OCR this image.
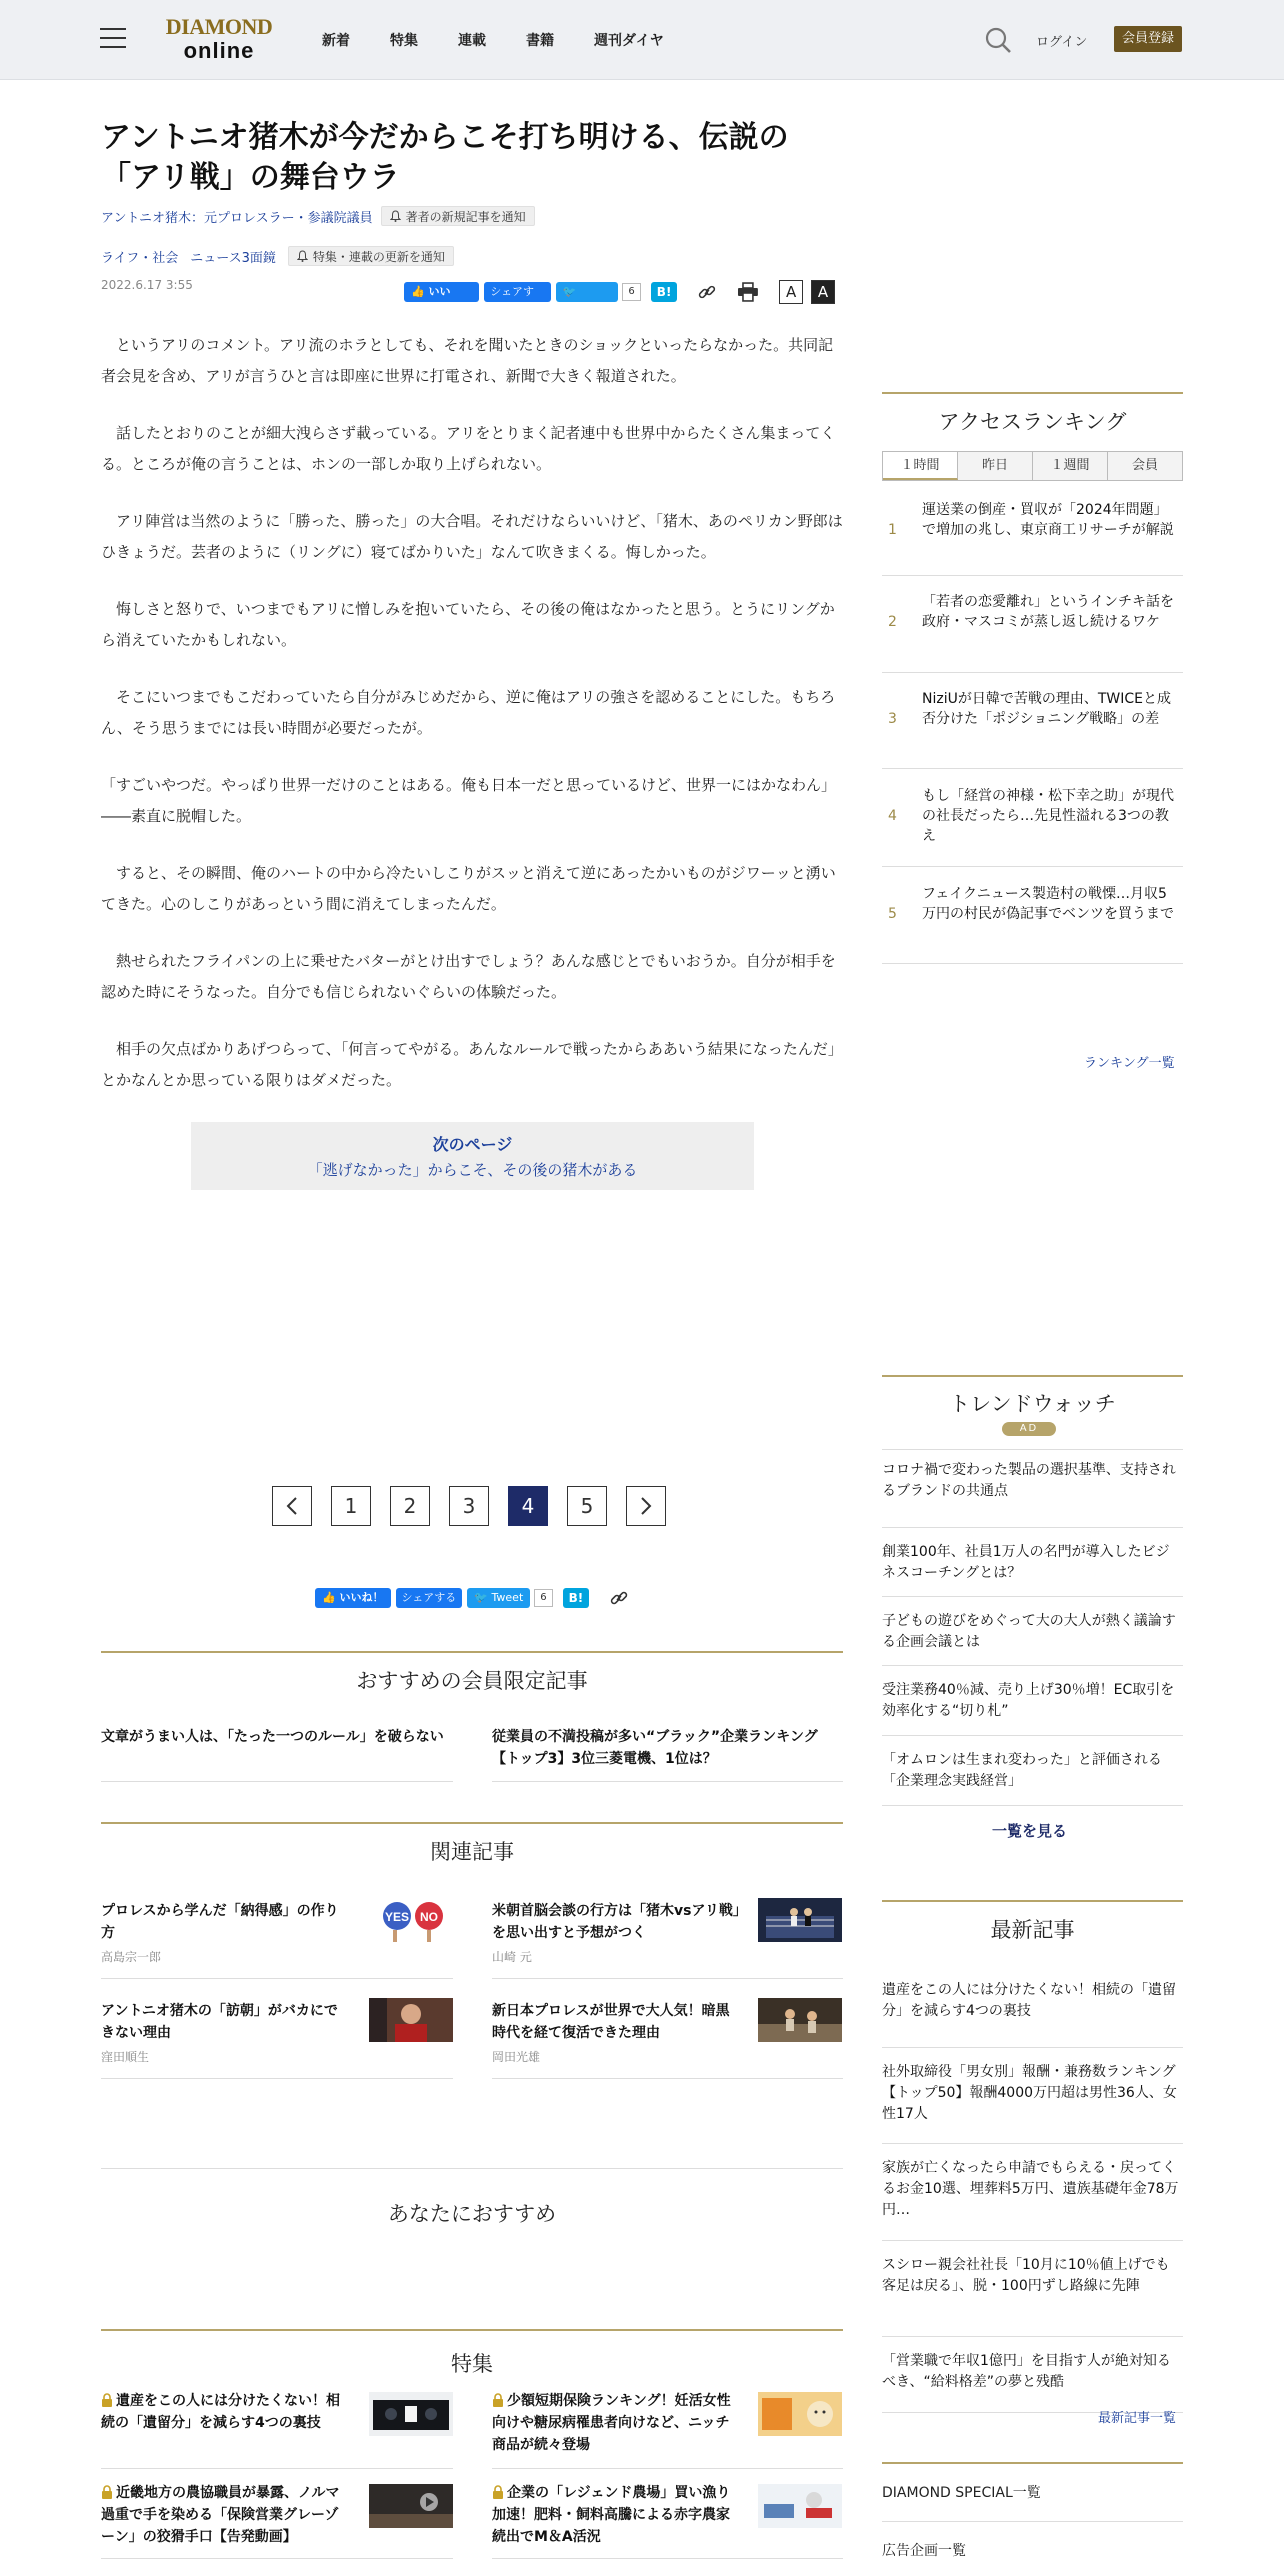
DIAMOND
online	新着	特集	連載	書籍	週刊ダイヤ	ログイン	会員登録
アントニオ猪木が今だからこそ打ち明ける、伝説の「アリ戦」の舞台ウラ
アントニオ猪木：元プロレスラー・参議院議員	著者の新規記事を通知
ライフ・社会 ニュース3面鏡	特集・連載の更新を通知
2022.6.17 3:55	👍 いいね！
シェアする
🐦 Tweet
6	B!	A	A

　というアリのコメント。アリ流のホラとしても、それを聞いたときのショックといったらなかった。共同記者会見を含め、アリが言うひと言は即座に世界に打電され、新聞で大きく報道された。

　話したとおりのことが細大洩らさず載っている。アリをとりまく記者連中も世界中からたくさん集まってくる。ところが俺の言うことは、ホンの一部しか取り上げられない。

　アリ陣営は当然のように「勝った、勝った」の大合唱。それだけならいいけど、「猪木、あのペリカン野郎はひきょうだ。芸者のように（リングに）寝てばかりいた」なんて吹きまくる。悔しかった。

　悔しさと怒りで、いつまでもアリに憎しみを抱いていたら、その後の俺はなかったと思う。とうにリングから消えていたかもしれない。

　そこにいつまでもこだわっていたら自分がみじめだから、逆に俺はアリの強さを認めることにした。もちろん、そう思うまでには長い時間が必要だったが。

「すごいやつだ。やっぱり世界一だけのことはある。俺も日本一だと思っているけど、世界一にはかなわん」――素直に脱帽した。

　すると、その瞬間、俺のハートの中から冷たいしこりがスッと消えて逆にあったかいものがジワーッと湧いてきた。心のしこりがあっという間に消えてしまったんだ。

　熱せられたフライパンの上に乗せたバターがとけ出すでしょう？あんな感じとでもいおうか。自分が相手を認めた時にそうなった。自分でも信じられないぐらいの体験だった。

　相手の欠点ばかりあげつらって、「何言ってやがる。あんなルールで戦ったからああいう結果になったんだ」とかなんとか思っている限りはダメだった。

次のページ
「逃げなかった」からこそ、その後の猪木がある
1	2	3	4	5
👍 いいね！	シェアする	🐦 Tweet	6	B!
おすすめの会員限定記事
文章がうまい人は、「たった一つのルール」を破らない	従業員の不満投稿が多い“ブラック”企業ランキング【トップ3】3位三菱電機、1位は？
関連記事
プロレスから学んだ「納得感」の作り方
高島宗一郎
YES NO	米朝首脳会談の行方は「猪木vsアリ戦」を思い出すと予想がつく
山崎 元
アントニオ猪木の「訪朝」がバカにできない理由
窪田順生
新日本プロレスが世界で大人気！暗黒時代を経て復活できた理由
岡田光雄
あなたにおすすめ
特集
遺産をこの人には分けたくない！相続の「遺留分」を減らす4つの裏技
少額短期保険ランキング！妊活女性向けや糖尿病罹患者向けなど、ニッチ商品が続々登場
近畿地方の農協職員が暴露、ノルマ過重で手を染める「保険営業グレーゾーン」の狡猾手口【告発動画】
企業の「レジェンド農場」買い漁り加速！肥料・飼料高騰による赤字農家続出でM＆A活況
アクセスランキング
１時間	昨日	１週間	会員
1
運送業の倒産・買収が「2024年問題」で増加の兆し、東京商工リサーチが解説
2
「若者の恋愛離れ」というインチキ話を政府・マスコミが蒸し返し続けるワケ
3
NiziUが日韓で苦戦の理由、TWICEと成否分けた「ポジショニング戦略」の差
4
もし「経営の神様・松下幸之助」が現代の社長だったら…先見性溢れる3つの教え
5
フェイクニュース製造村の戦慄…月収5万円の村民が偽記事でベンツを買うまで
ランキング一覧
トレンドウォッチ
AD
コロナ禍で変わった製品の選択基準、支持されるブランドの共通点
創業100年、社員1万人の名門が導入したビジネスコーチングとは？
子どもの遊びをめぐって大の大人が熱く議論する企画会議とは
受注業務40％減、売り上げ30％増！EC取引を効率化する“切り札”
「オムロンは生まれ変わった」と評価される「企業理念実践経営」
一覧を見る
最新記事
遺産をこの人には分けたくない！相続の「遺留分」を減らす4つの裏技
社外取締役「男女別」報酬・兼務数ランキング【トップ50】報酬4000万円超は男性36人、女性17人
家族が亡くなったら申請でもらえる・戻ってくるお金10選、埋葬料5万円、遺族基礎年金78万円…
スシロー親会社社長「10月に10％値上げでも客足は戻る」、脱・100円ずし路線に先陣
「営業職で年収1億円」を目指す人が絶対知るべき、“給料格差”の夢と残酷
最新記事一覧
DIAMOND SPECIAL一覧
広告企画一覧
